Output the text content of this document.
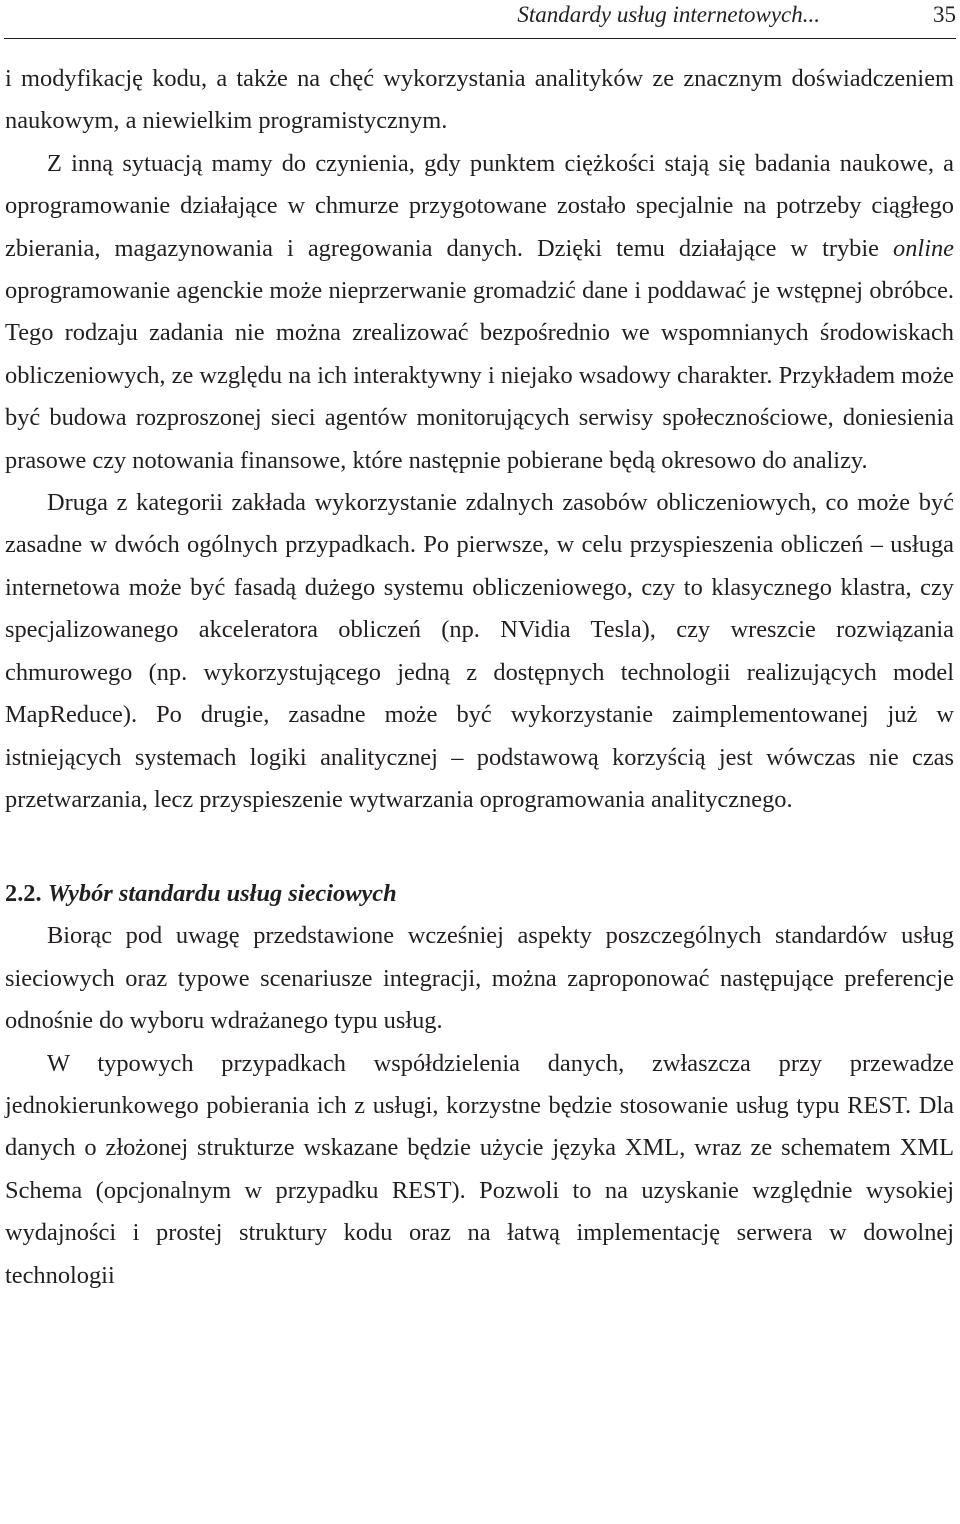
Standardy usług internetowych...	35

i modyfikację kodu, a także na chęć wykorzystania analityków ze znacznym doświadczeniem naukowym, a niewielkim programistycznym.

Z inną sytuacją mamy do czynienia, gdy punktem ciężkości stają się badania naukowe, a oprogramowanie działające w chmurze przygotowane zostało specjalnie na potrzeby ciągłego zbierania, magazynowania i agregowania danych. Dzięki temu działające w trybie online oprogramowanie agenckie może nieprzerwanie gromadzić dane i poddawać je wstępnej obróbce. Tego rodzaju zadania nie można zrealizować bezpośrednio we wspomnianych środowiskach obliczeniowych, ze względu na ich interaktywny i niejako wsadowy charakter. Przykładem może być budowa rozproszonej sieci agentów monitorujących serwisy społecznościowe, doniesienia prasowe czy notowania finansowe, które następnie pobierane będą okresowo do analizy.

Druga z kategorii zakłada wykorzystanie zdalnych zasobów obliczeniowych, co może być zasadne w dwóch ogólnych przypadkach. Po pierwsze, w celu przyspieszenia obliczeń – usługa internetowa może być fasadą dużego systemu obliczeniowego, czy to klasycznego klastra, czy specjalizowanego akceleratora obliczeń (np. NVidia Tesla), czy wreszcie rozwiązania chmurowego (np. wykorzystującego jedną z dostępnych technologii realizujących model MapReduce). Po drugie, zasadne może być wykorzystanie zaimplementowanej już w istniejących systemach logiki analitycznej – podstawową korzyścią jest wówczas nie czas przetwarzania, lecz przyspieszenie wytwarzania oprogramowania analitycznego.

2.2. Wybór standardu usług sieciowych

Biorąc pod uwagę przedstawione wcześniej aspekty poszczególnych standardów usług sieciowych oraz typowe scenariusze integracji, można zaproponować następujące preferencje odnośnie do wyboru wdrażanego typu usług.

W typowych przypadkach współdzielenia danych, zwłaszcza przy przewadze jednokierunkowego pobierania ich z usługi, korzystne będzie stosowanie usług typu REST. Dla danych o złożonej strukturze wskazane będzie użycie języka XML, wraz ze schematem XML Schema (opcjonalnym w przypadku REST). Pozwoli to na uzyskanie względnie wysokiej wydajności i prostej struktury kodu oraz na łatwą implementację serwera w dowolnej technologii
